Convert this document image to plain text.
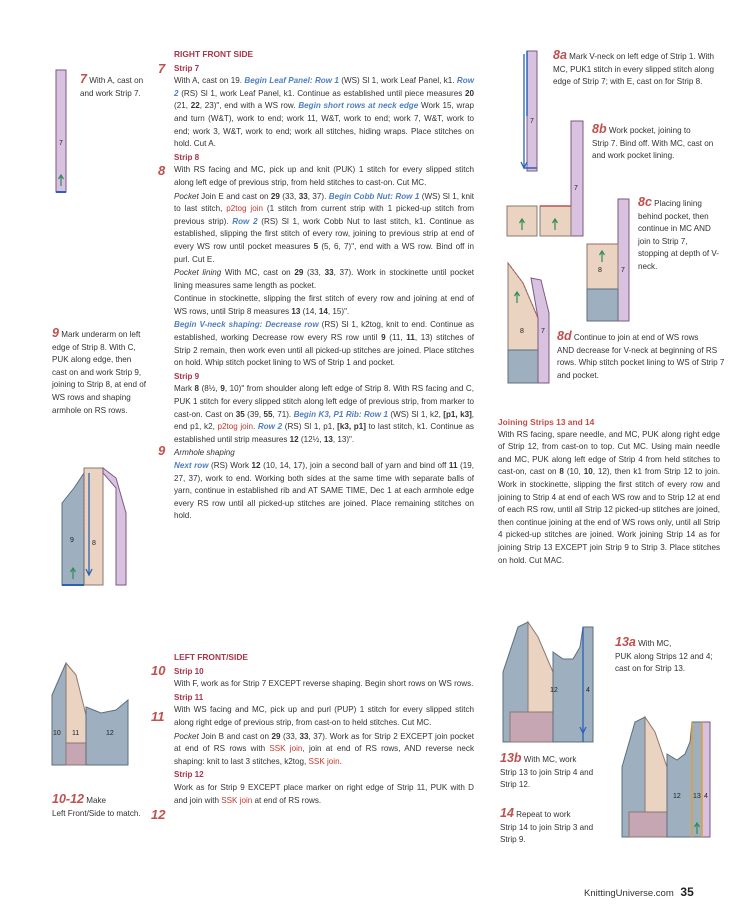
RIGHT FRONT SIDE
Strip 7
With A, cast on 19. Begin Leaf Panel: Row 1 (WS) Sl 1, work Leaf Panel, k1. Row 2 (RS) Sl 1, work Leaf Panel, k1. Continue as established until piece measures 20 (21, 22, 23)", end with a WS row. Begin short rows at neck edge Work 15, wrap and turn (W&T), work to end; work 11, W&T, work to end; work 7, W&T, work to end; work 3, W&T, work to end; work all stitches, hiding wraps. Place stitches on hold. Cut A.
Strip 8
With RS facing and MC, pick up and knit (PUK) 1 stitch for every slipped stitch along left edge of previous strip, from held stitches to cast-on. Cut MC.
Pocket Join E and cast on 29 (33, 33, 37). Begin Cobb Nut: Row 1 (WS) Sl 1, knit to last stitch, p2tog join (1 stitch from current strip with 1 picked-up stitch from previous strip). Row 2 (RS) Sl 1, work Cobb Nut to last stitch, k1. Continue as established, slipping the first stitch of every row, joining to previous strip at end of every WS row until pocket measures 5 (5, 6, 7)", end with a WS row. Bind off in purl. Cut E.
Pocket lining With MC, cast on 29 (33, 33, 37). Work in stockinette until pocket lining measures same length as pocket.
Continue in stockinette, slipping the first stitch of every row and joining at end of WS rows, until Strip 8 measures 13 (14, 14, 15)".
Begin V-neck shaping: Decrease row (RS) Sl 1, k2tog, knit to end. Continue as established, working Decrease row every RS row until 9 (11, 11, 13) stitches of Strip 2 remain, then work even until all picked-up stitches are joined. Place stitches on hold. Whip stitch pocket lining to WS of Strip 1 and pocket.
Strip 9
Mark 8 (8½, 9, 10)" from shoulder along left edge of Strip 8. With RS facing and C, PUK 1 stitch for every slipped stitch along left edge of previous strip, from marker to cast-on. Cast on 35 (39, 55, 71). Begin K3, P1 Rib: Row 1 (WS) Sl 1, k2, [p1, k3], end p1, k2, p2tog join. Row 2 (RS) Sl 1, p1, [k3, p1] to last stitch, k1. Continue as established until strip measures 12 (12½, 13, 13)".
Armhole shaping
Next row (RS) Work 12 (10, 14, 17), join a second ball of yarn and bind off 11 (19, 27, 37), work to end. Working both sides at the same time with separate balls of yarn, continue in established rib and AT SAME TIME, Dec 1 at each armhole edge every RS row until all picked-up stitches are joined. Place remaining stitches on hold.
LEFT FRONT/SIDE
Strip 10
With F, work as for Strip 7 EXCEPT reverse shaping. Begin short rows on WS rows.
Strip 11
With WS facing and MC, pick up and purl (PUP) 1 stitch for every slipped stitch along right edge of previous strip, from cast-on to held stitches. Cut MC.
Pocket Join B and cast on 29 (33, 33, 37). Work as for Strip 2 EXCEPT join pocket at end of RS rows with SSK join, join at end of RS rows, AND reverse neck shaping: knit to last 3 stitches, k2tog, SSK join.
Strip 12
Work as for Strip 9 EXCEPT place marker on right edge of Strip 11, PUK with D and join with SSK join at end of RS rows.
7
8
9
10
11
12
7 With A, cast on and work Strip 7.
9 Mark underarm on left edge of Strip 8. With C, PUK along edge, then cast on and work Strip 9, joining to Strip 8, at end of WS rows and shaping armhole on RS rows.
10-12 Make
Left Front/Side to match.
7
9	8
10 11	12
7
8a Mark V-neck on left edge of Strip 1. With MC, PUK1 stitch in every slipped stitch along edge of Strip 7; with E, cast on for Strip 8.
7
8b Work pocket, joining to
Strip 7. Bind off. With MC, cast on and work pocket lining.
8	7
8c Placing lining
behind pocket, then continue in MC AND join to Strip 7, stopping at depth of V-neck.
8 7 8d Continue to join at end of WS rows
AND decrease for V-neck at beginning of RS rows. Whip stitch pocket lining to WS of Strip 7 and pocket.
Joining Strips 13 and 14
With RS facing, spare needle, and MC, PUK along right edge of Strip 12, from cast-on to top. Cut MC. Using main needle and MC, PUK along left edge of Strip 4 from held stitches to cast-on, cast on 8 (10, 10, 12), then k1 from Strip 12 to join. Work in stockinette, slipping the first stitch of every row and joining to Strip 4 at end of each WS row and to Strip 12 at end of each RS row, until all Strip 12 picked-up stitches are joined, then continue joining at the end of WS rows only, until all Strip 4 picked-up stitches are joined. Work joining Strip 14 as for joining Strip 13 EXCEPT join Strip 9 to Strip 3. Place stitches on hold. Cut MAC.
12	4
13a With MC,
PUK along Strips 12 and 4; cast on for Strip 13.
13b With MC, work
Strip 13 to join Strip 4 and Strip 12.
14 Repeat to work
Strip 14 to join Strip 3 and Strip 9.
12 13 4
KnittingUniverse.com 35
